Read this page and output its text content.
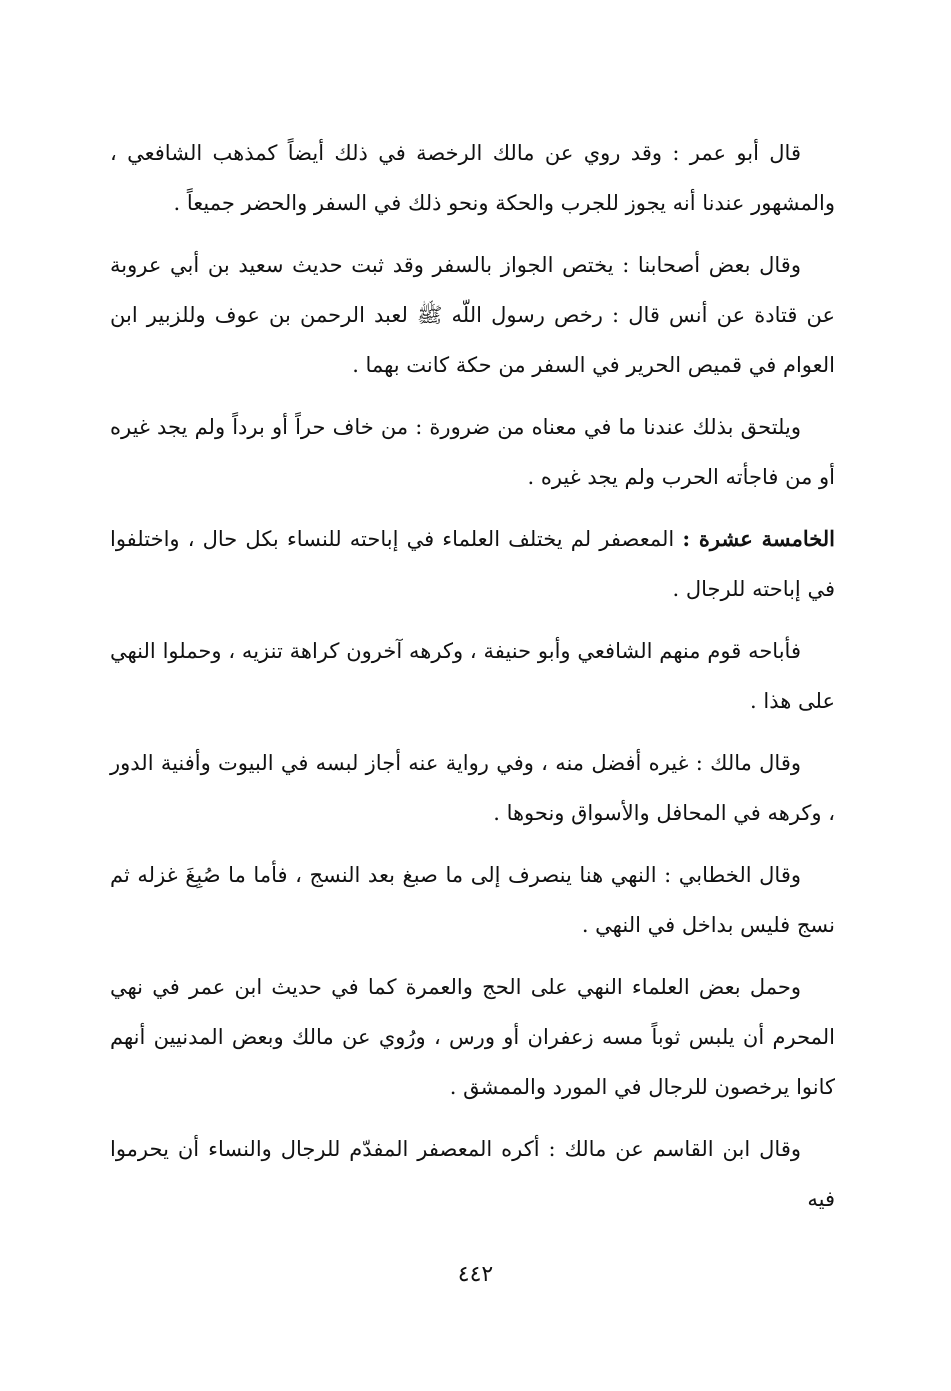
قال أبو عمر : وقد روي عن مالك الرخصة في ذلك أيضاً كمذهب الشافعي ، والمشهور عندنا أنه يجوز للجرب والحكة ونحو ذلك في السفر والحضر جميعاً .

وقال بعض أصحابنا : يختص الجواز بالسفر وقد ثبت حديث سعيد بن أبي عروبة عن قتادة عن أنس قال : رخص رسول اللّه ﷺ لعبد الرحمن بن عوف وللزبير ابن العوام في قميص الحرير في السفر من حكة كانت بهما .

ويلتحق بذلك عندنا ما في معناه من ضرورة : من خاف حراً أو برداً ولم يجد غيره أو من فاجأته الحرب ولم يجد غيره .

الخامسة عشرة : المعصفر لم يختلف العلماء في إباحته للنساء بكل حال ، واختلفوا في إباحته للرجال .

فأباحه قوم منهم الشافعي وأبو حنيفة ، وكرهه آخرون كراهة تنزيه ، وحملوا النهي على هذا .

وقال مالك : غيره أفضل منه ، وفي رواية عنه أجاز لبسه في البيوت وأفنية الدور ، وكرهه في المحافل والأسواق ونحوها .

وقال الخطابي : النهي هنا ينصرف إلى ما صبغ بعد النسج ، فأما ما صُبِغَ غزله ثم نسج فليس بداخل في النهي .

وحمل بعض العلماء النهي على الحج والعمرة كما في حديث ابن عمر في نهي المحرم أن يلبس ثوباً مسه زعفران أو ورس ، ورُوي عن مالك وبعض المدنيين أنهم كانوا يرخصون للرجال في المورد والممشق .

وقال ابن القاسم عن مالك : أكره المعصفر المفدّم للرجال والنساء أن يحرموا فيه

٤٤٢
